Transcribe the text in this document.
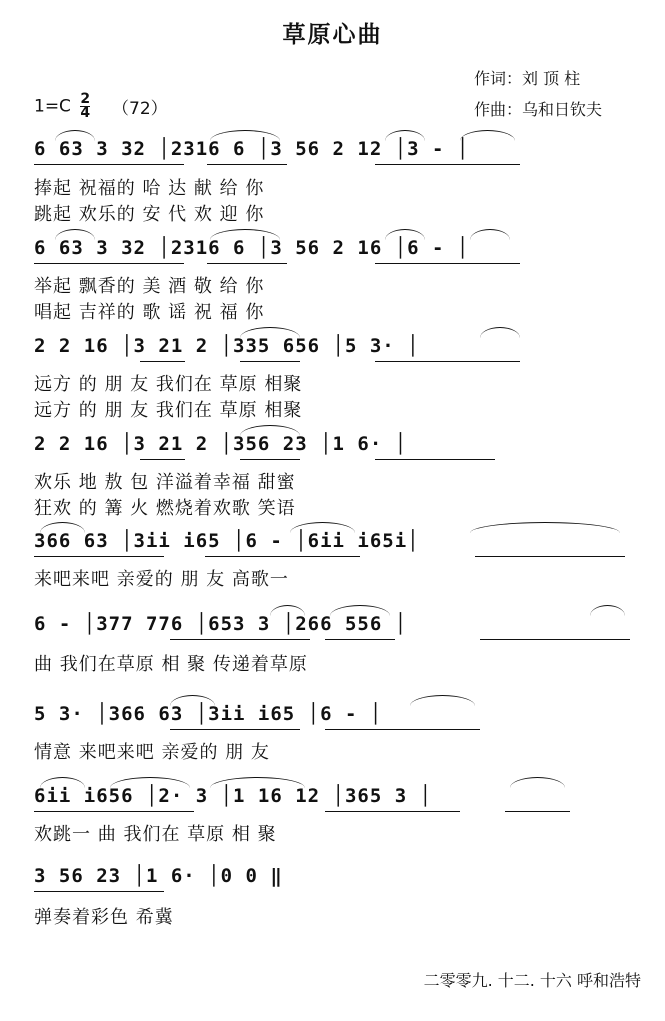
草原心曲
作词：刘 顶 柱
作曲：乌和日钦夫
$1=C \frac{2}{4} (72)$
6 63 3 32 │2316 6 │3 56 2 12 │3 - │
捧起 祝福的 哈 达 献 给 你
跳起 欢乐的 安 代 欢 迎 你
6 63 3 32 │2316 6 │3 56 2 16 │6 - │
举起 飘香的 美 酒 敬 给 你
唱起 吉祥的 歌 谣 祝 福 你
2 2 16 │3 21 2 │335 656 │5 3· │
远方 的 朋 友 我们在 草原 相聚
远方 的 朋 友 我们在 草原 相聚
2 2 16 │3 21 2 │356 23 │1 6· │
欢乐 地 敖 包 洋溢着幸福 甜蜜
狂欢 的 篝 火 燃烧着欢歌 笑语
366 63 │3ii i65 │6 - │6ii i65i│
来吧来吧 亲爱的 朋 友 高歌一
6 - │377 776 │653 3 │266 556 │
曲 我们在草原 相 聚 传递着草原
5 3· │366 63 │3ii i65 │6 - │
情意 来吧来吧 亲爱的 朋 友
6ii i656 │2· 3 │1 16 12 │365 3 │
欢跳一 曲 我们在 草原 相 聚
3 56 23 │1 6· │0 0 ‖
弹奏着彩色 希冀
二零零九. 十二. 十六 呼和浩特
